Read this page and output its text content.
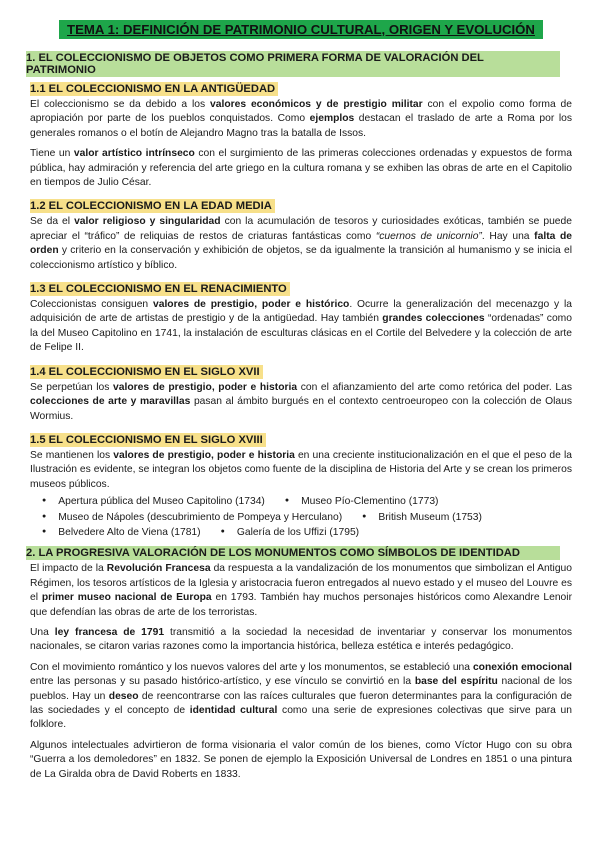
TEMA 1: DEFINICIÓN DE PATRIMONIO CULTURAL, ORIGEN Y EVOLUCIÓN
1. EL COLECCIONISMO DE OBJETOS COMO PRIMERA FORMA DE VALORACIÓN DEL PATRIMONIO
1.1 EL COLECCIONISMO EN LA ANTIGÜEDAD

El coleccionismo se da debido a los valores económicos y de prestigio militar con el expolio como forma de apropiación por parte de los pueblos conquistados. Como ejemplos destacan el traslado de arte a Roma por los generales romanos o el botín de Alejandro Magno tras la batalla de Issos.

Tiene un valor artístico intrínseco con el surgimiento de las primeras colecciones ordenadas y expuestos de forma pública, hay admiración y referencia del arte griego en la cultura romana y se exhiben las obras de arte en el Capitolio en tiempos de Julio César.

1.2 EL COLECCIONISMO EN LA EDAD MEDIA

Se da el valor religioso y singularidad con la acumulación de tesoros y curiosidades exóticas, también se puede apreciar el “tráfico” de reliquias de restos de criaturas fantásticas como “cuernos de unicornio”. Hay una falta de orden y criterio en la conservación y exhibición de objetos, se da igualmente la transición al humanismo y se inicia el coleccionismo artístico y bíblico.

1.3 EL COLECCIONISMO EN EL RENACIMIENTO

Coleccionistas consiguen valores de prestigio, poder e histórico. Ocurre la generalización del mecenazgo y la adquisición de arte de artistas de prestigio y de la antigüedad. Hay también grandes colecciones “ordenadas” como la del Museo Capitolino en 1741, la instalación de esculturas clásicas en el Cortile del Belvedere y la colección de arte de Felipe II.

1.4 EL COLECCIONISMO EN EL SIGLO XVII

Se perpetúan los valores de prestigio, poder e historia con el afianzamiento del arte como retórica del poder. Las colecciones de arte y maravillas pasan al ámbito burgués en el contexto centroeuropeo con la colección de Olaus Wormius.

1.5 EL COLECCIONISMO EN EL SIGLO XVIII

Se mantienen los valores de prestigio, poder e historia en una creciente institucionalización en el que el peso de la Ilustración es evidente, se integran los objetos como fuente de la disciplina de Historia del Arte y se crean los primeros museos públicos.

● Apertura pública del Museo Capitolino (1734)	● Museo Pío-Clementino (1773)
● Museo de Nápoles (descubrimiento de Pompeya y Herculano)	● British Museum (1753)
● Belvedere Alto de Viena (1781)	● Galería de los Uffizi (1795)
2. LA PROGRESIVA VALORACIÓN DE LOS MONUMENTOS COMO SÍMBOLOS DE IDENTIDAD

El impacto de la Revolución Francesa da respuesta a la vandalización de los monumentos que simbolizan el Antiguo Régimen, los tesoros artísticos de la Iglesia y aristocracia fueron entregados al nuevo estado y el museo del Louvre es el primer museo nacional de Europa en 1793. También hay muchos personajes históricos como Alexandre Lenoir que defendían las obras de arte de los terroristas.

Una ley francesa de 1791 transmitió a la sociedad la necesidad de inventariar y conservar los monumentos nacionales, se citaron varias razones como la importancia histórica, belleza estética e interés pedagógico.

Con el movimiento romántico y los nuevos valores del arte y los monumentos, se estableció una conexión emocional entre las personas y su pasado histórico-artístico, y ese vínculo se convirtió en la base del espíritu nacional de los pueblos. Hay un deseo de reencontrarse con las raíces culturales que fueron determinantes para la configuración de las sociedades y el concepto de identidad cultural como una serie de expresiones colectivas que sirve para un folklore.

Algunos intelectuales advirtieron de forma visionaria el valor común de los bienes, como Víctor Hugo con su obra “Guerra a los demoledores” en 1832. Se ponen de ejemplo la Exposición Universal de Londres en 1851 o una pintura de La Giralda obra de David Roberts en 1833.
